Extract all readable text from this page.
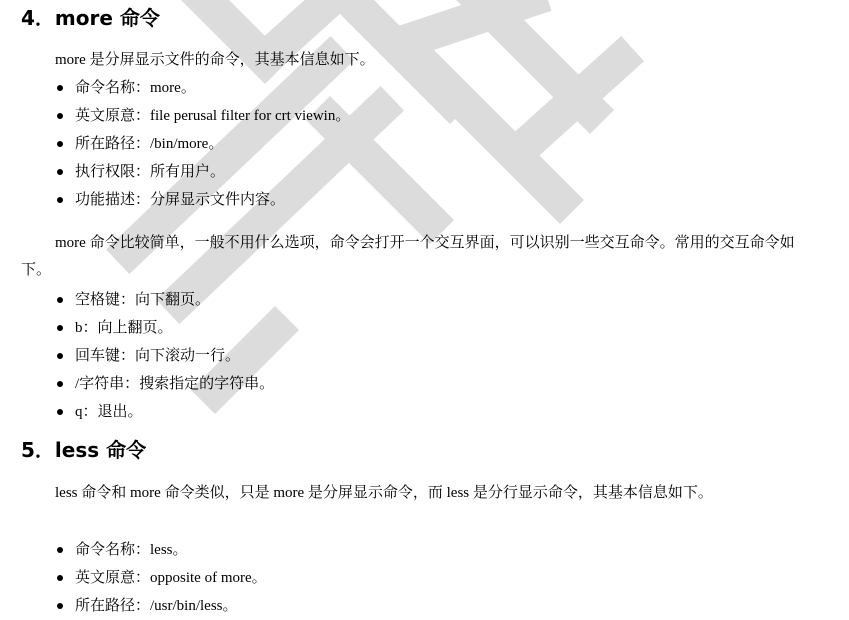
4．more 命令

more 是分屏显示文件的命令，其基本信息如下。

命令名称：more。
英文原意：file perusal filter for crt viewin。
所在路径：/bin/more。
执行权限：所有用户。
功能描述：分屏显示文件内容。

more 命令比较简单，一般不用什么选项，命令会打开一个交互界面，可以识别一些交互命令。常用的交互命令如下。

空格键：向下翻页。
b：向上翻页。
回车键：向下滚动一行。
/字符串：搜索指定的字符串。
q：退出。
5．less 命令

less 命令和 more 命令类似，只是 more 是分屏显示命令，而 less 是分行显示命令，其基本信息如下。

命令名称：less。
英文原意：opposite of more。
所在路径：/usr/bin/less。
